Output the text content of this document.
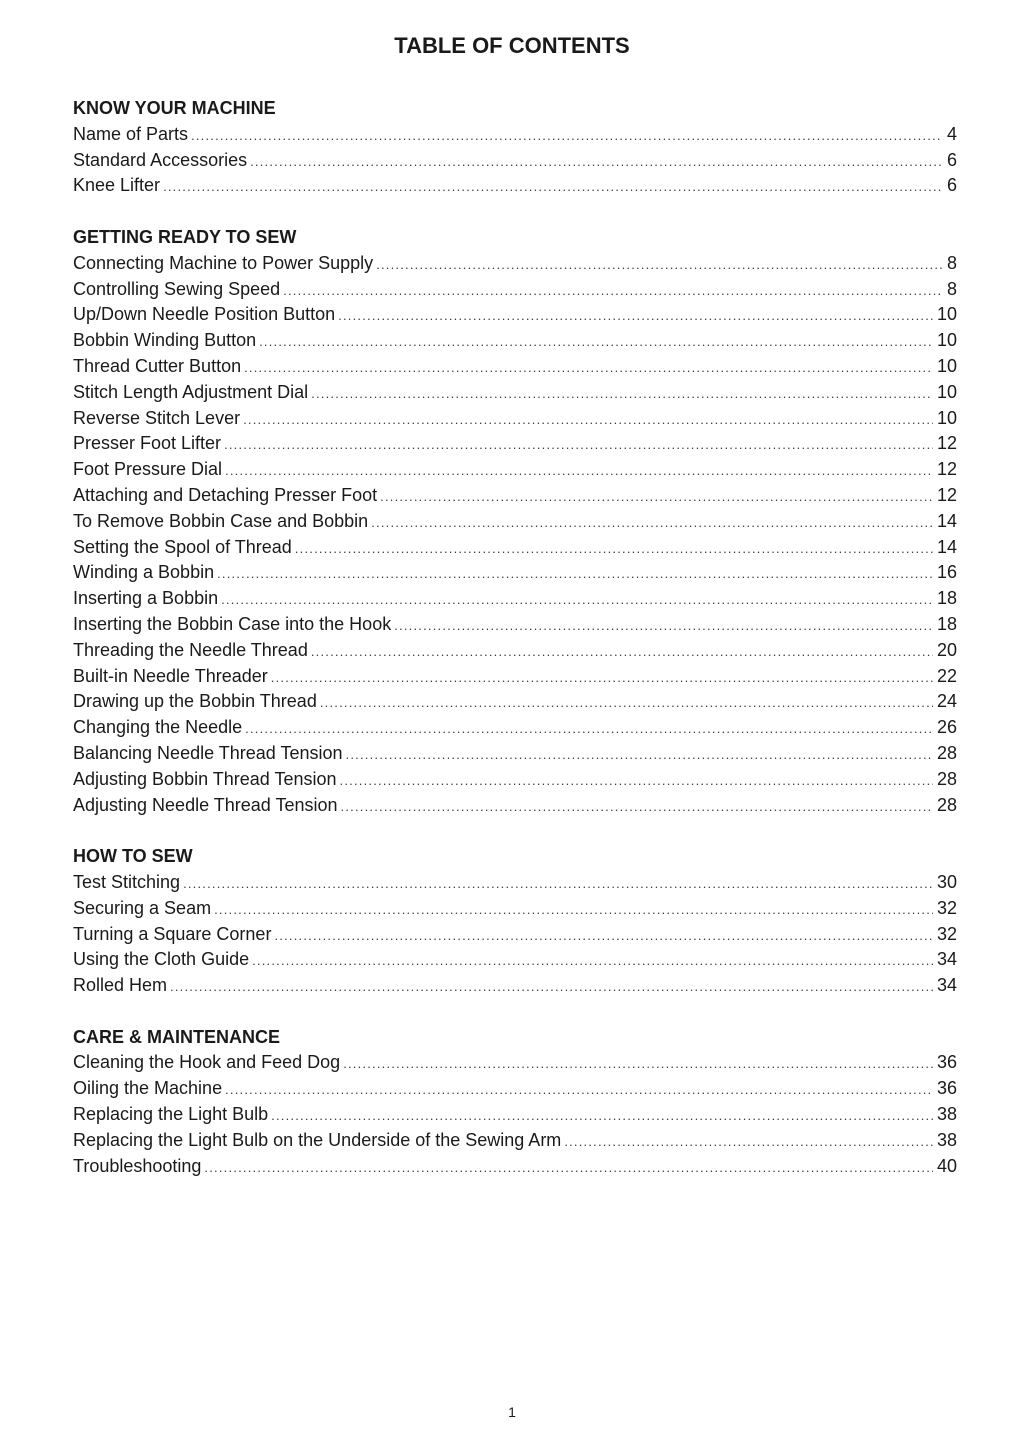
TABLE OF CONTENTS
KNOW YOUR MACHINE
Name of Parts .....	4
Standard Accessories .....	6
Knee Lifter .....	6
GETTING READY TO SEW
Connecting Machine to Power Supply .....	8
Controlling Sewing Speed .....	8
Up/Down Needle Position Button .....	10
Bobbin Winding Button .....	10
Thread Cutter Button .....	10
Stitch Length Adjustment Dial .....	10
Reverse Stitch Lever .....	10
Presser Foot Lifter .....	12
Foot Pressure Dial .....	12
Attaching and Detaching Presser Foot .....	12
To Remove Bobbin Case and Bobbin .....	14
Setting the Spool of Thread .....	14
Winding a Bobbin .....	16
Inserting a Bobbin .....	18
Inserting the Bobbin Case into the Hook .....	18
Threading the Needle Thread .....	20
Built-in Needle Threader .....	22
Drawing up the Bobbin Thread .....	24
Changing the Needle .....	26
Balancing Needle Thread Tension .....	28
Adjusting Bobbin Thread Tension .....	28
Adjusting Needle Thread Tension .....	28
HOW TO SEW
Test Stitching .....	30
Securing a Seam .....	32
Turning a Square Corner .....	32
Using the Cloth Guide .....	34
Rolled Hem .....	34
CARE & MAINTENANCE
Cleaning the Hook and Feed Dog .....	36
Oiling the Machine .....	36
Replacing the Light Bulb .....	38
Replacing the Light Bulb on the Underside of the Sewing Arm .....	38
Troubleshooting .....	40
1
